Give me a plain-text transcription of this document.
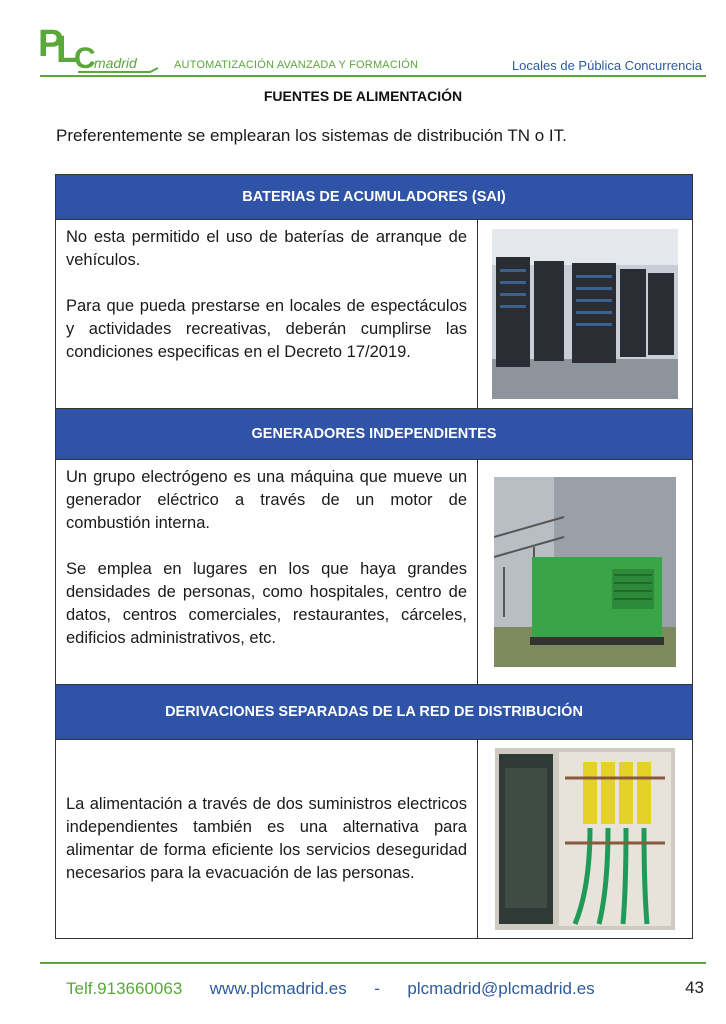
P
L
C
madrid	AUTOMATIZACIÓN AVANZADA Y FORMACIÓN	Locales de Pública Concurrencia
FUENTES DE ALIMENTACIÓN
Preferentemente se emplearan los sistemas de distribución TN o IT.
BATERIAS DE ACUMULADORES (SAI)

No esta permitido el uso de baterías de arranque de vehículos.

Para que pueda prestarse en locales de espectáculos y actividades recreativas, deberán cumplirse las condiciones especificas en el Decreto 17/2019.

GENERADORES INDEPENDIENTES

Un grupo electrógeno es una máquina que mueve un generador eléctrico a través de un motor de combustión interna.

Se emplea en lugares en los que haya grandes densidades de personas, como hospitales, centro de datos, centros comerciales, restaurantes, cárceles, edificios administrativos, etc.

DERIVACIONES SEPARADAS DE LA RED DE DISTRIBUCIÓN

La alimentación a través de dos suministros electricos independientes también es una alternativa para alimentar de forma eficiente los servicios deseguridad necesarios para la evacuación de las personas.

Telf.913660063 www.plcmadrid.es - plcmadrid@plcmadrid.es	43
